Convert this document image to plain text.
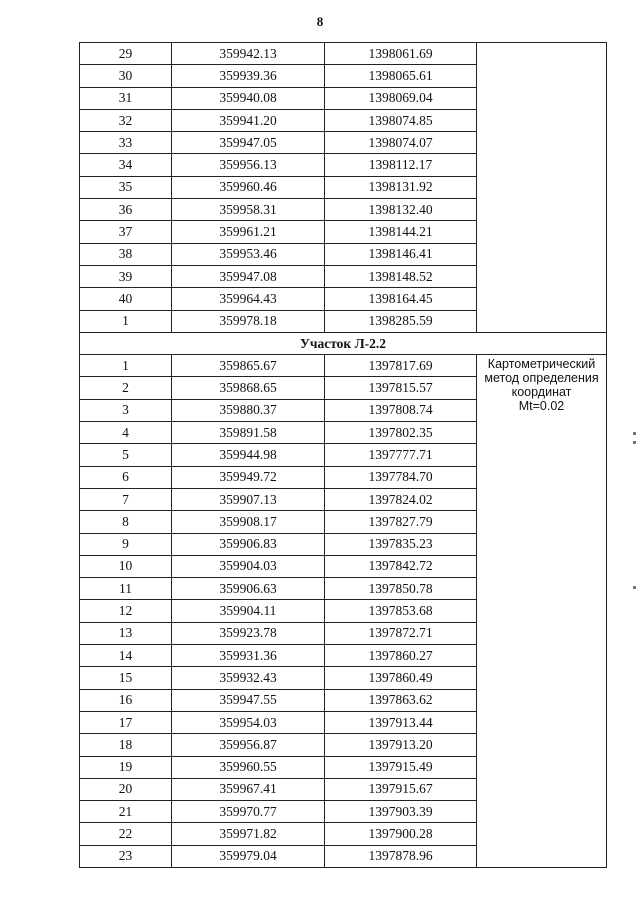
8
29	359942.13	1398061.69	
30	359939.36	1398065.61	
31	359940.08	1398069.04	
32	359941.20	1398074.85	
33	359947.05	1398074.07	
34	359956.13	1398112.17	
35	359960.46	1398131.92	
36	359958.31	1398132.40	
37	359961.21	1398144.21	
38	359953.46	1398146.41	
39	359947.08	1398148.52	
40	359964.43	1398164.45	
1	359978.18	1398285.59	
Участок Л-2.2			
1	359865.67	1397817.69	Картометрический
метод определения
координат
Mt=0.02

2	359868.65	1397815.57	
3	359880.37	1397808.74	
4	359891.58	1397802.35	
5	359944.98	1397777.71	
6	359949.72	1397784.70	
7	359907.13	1397824.02	
8	359908.17	1397827.79	
9	359906.83	1397835.23	
10	359904.03	1397842.72	
11	359906.63	1397850.78	
12	359904.11	1397853.68	
13	359923.78	1397872.71	
14	359931.36	1397860.27	
15	359932.43	1397860.49	
16	359947.55	1397863.62	
17	359954.03	1397913.44	
18	359956.87	1397913.20	
19	359960.55	1397915.49	
20	359967.41	1397915.67	
21	359970.77	1397903.39	
22	359971.82	1397900.28	
23	359979.04	1397878.96	
